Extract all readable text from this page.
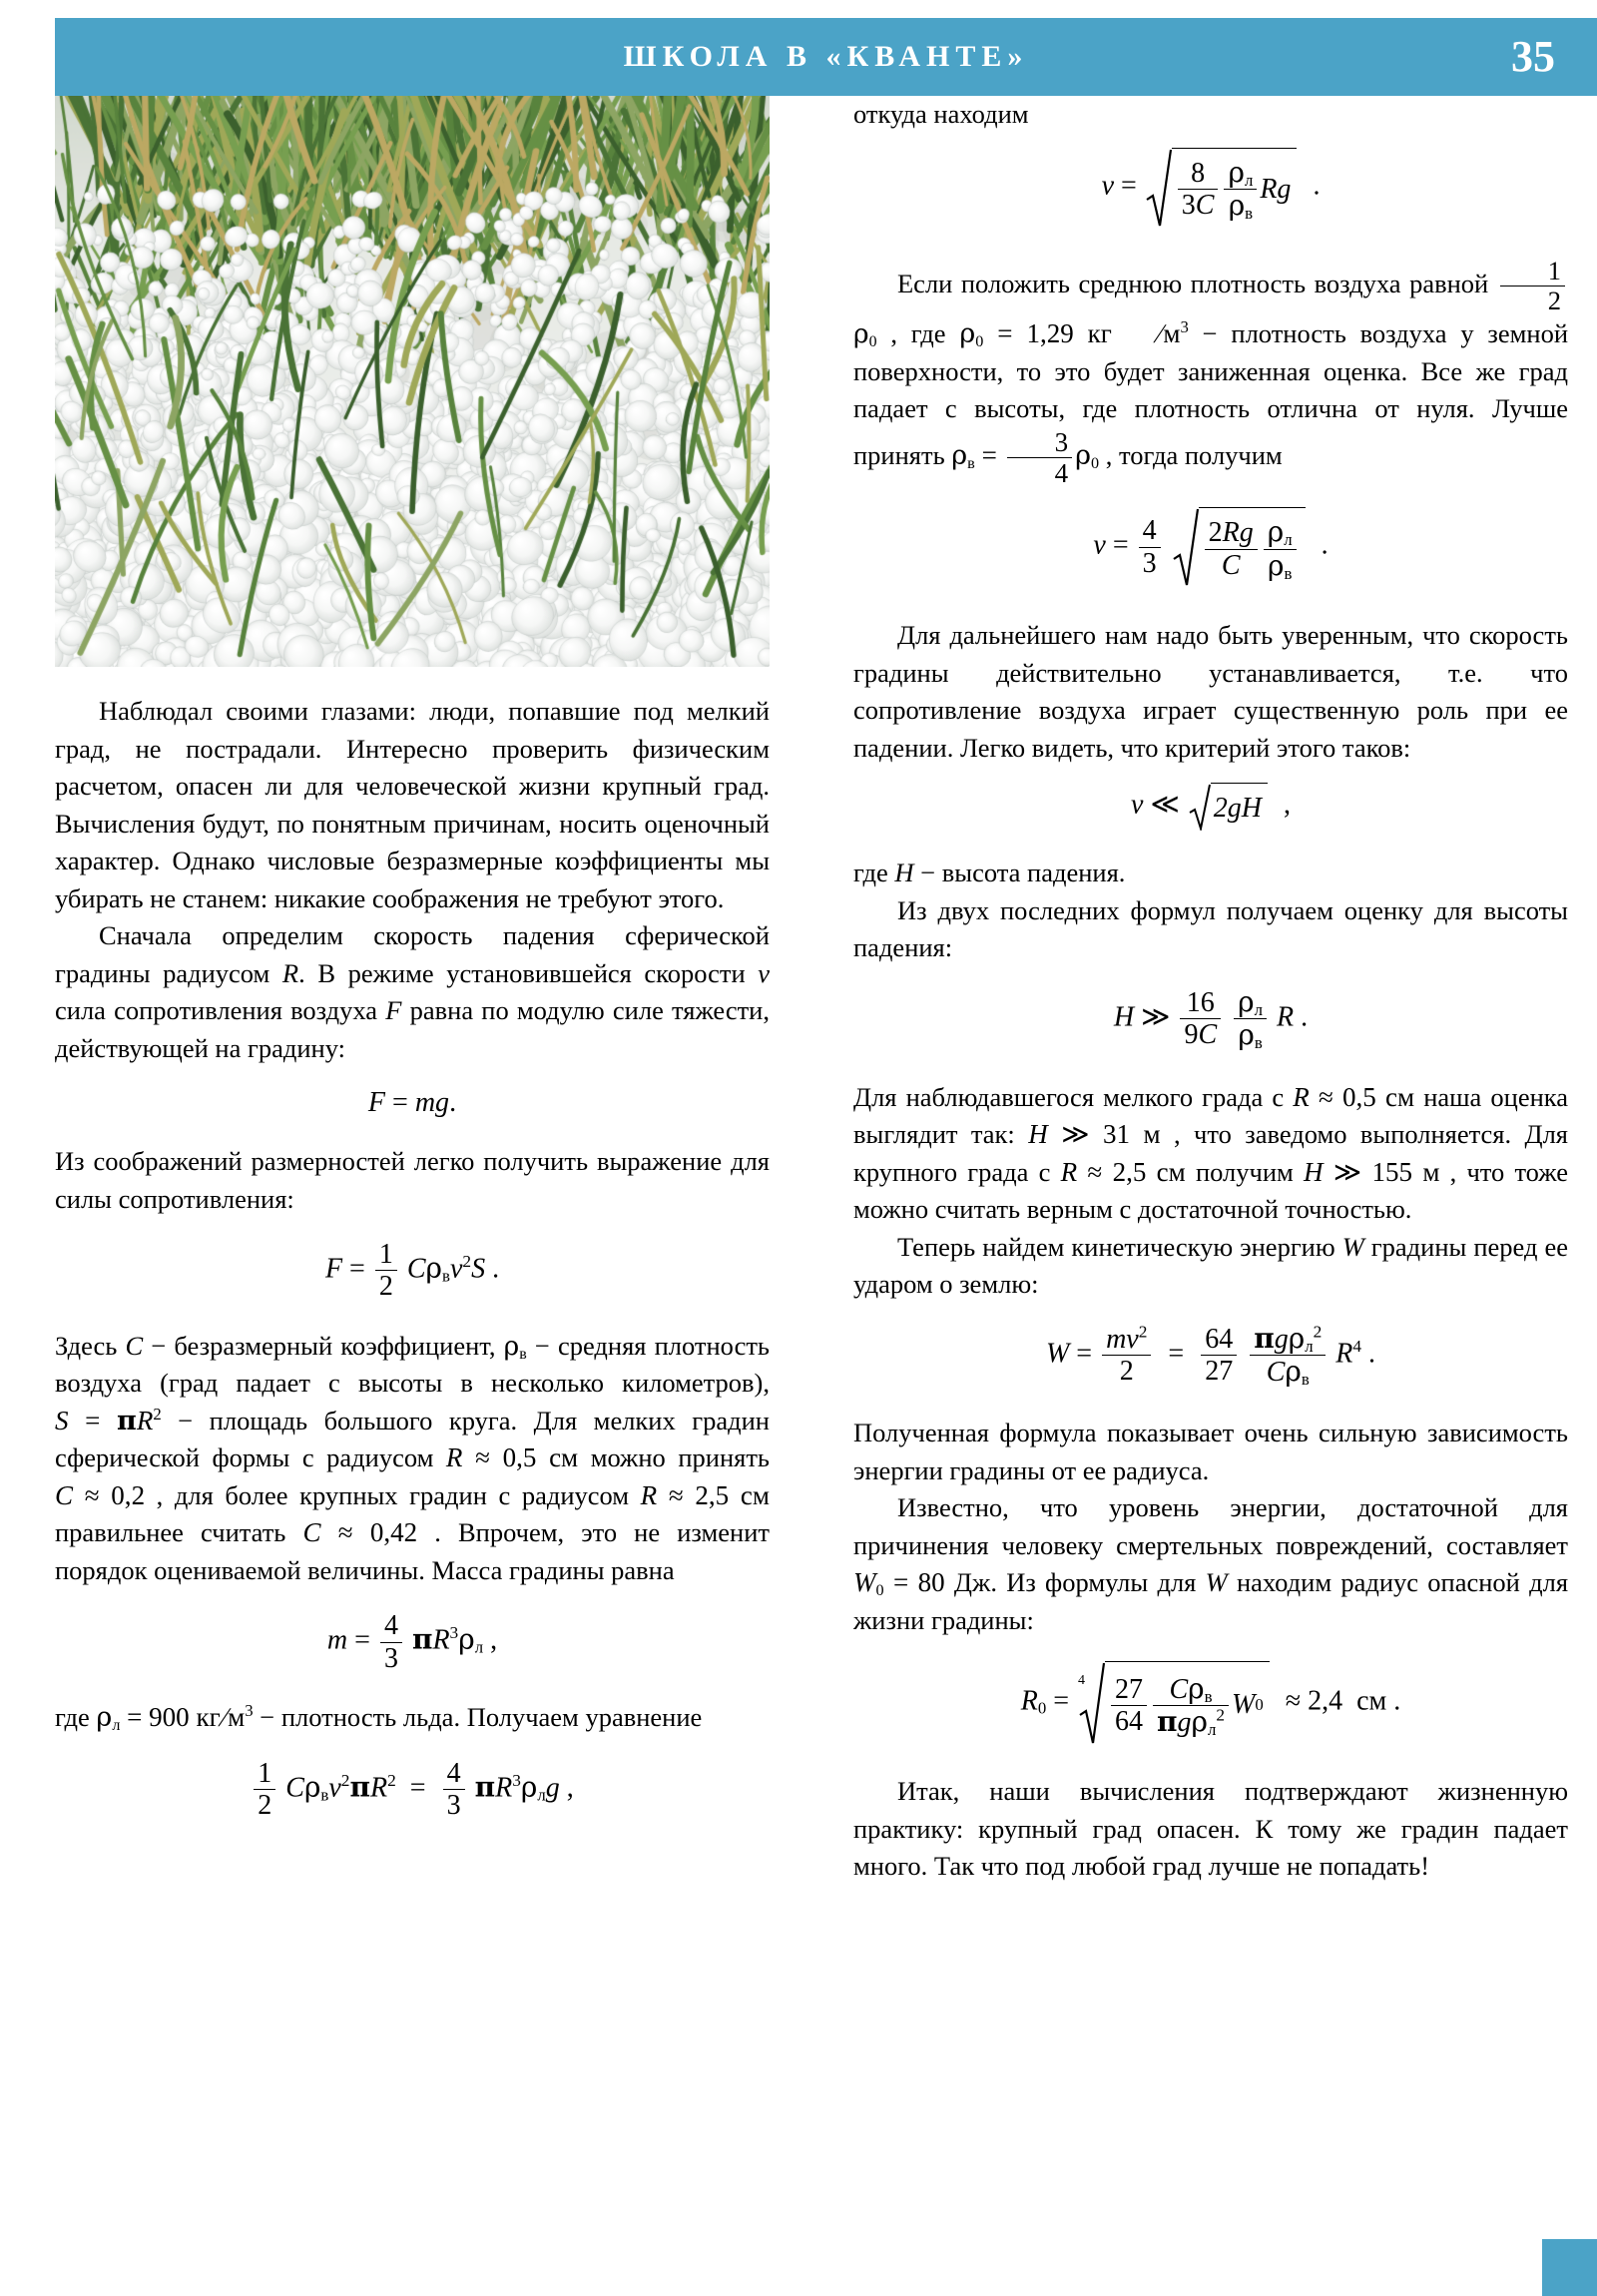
ШКОЛА В «КВАНТЕ»	35

Наблюдал своими глазами: люди, попавшие под мелкий град, не пострадали. Интересно проверить физическим расчетом, опасен ли для человеческой жизни крупный град. Вычисления будут, по понятным причинам, носить оценочный характер. Однако числовые безразмерные коэффициенты мы убирать не станем: никакие соображения не требуют этого.

Сначала определим скорость падения сферической градины радиусом R. В режиме установившейся скорости v сила сопротивления воздуха F равна по модулю силе тяжести, действующей на градину:

F = mg.

Из соображений размерностей легко получить выражение для силы сопротивления:

$F = \frac{1}{2} C\rho_вv^2S$ .

Здесь C − безразмерный коэффициент, $\rho_в$ − средняя плотность воздуха (град падает с высоты в несколько километров), $S = \pi R^2$ − площадь большого круга. Для мелких градин сферической формы с радиусом R ≈ 0,5 см можно принять C ≈ 0,2 , для более крупных градин с радиусом R ≈ 2,5 см правильнее считать C ≈ 0,42 . Впрочем, это не изменит порядок оцениваемой величины. Масса градины равна

$m = \frac{4}{3} \pi R^3\rho_л$ ,

где $\rho_л = 900$ $кг/м^3$ − плотность льда. Получаем уравнение

$\frac{1}{2} C\rho_вv^2\pi R^2 = \frac{4}{3} \pi R^3\rho_лg$ ,

откуда находим

$v = \frac{8}{3C} \frac{\rho_л}{\rho_в}$ Rg .

Если положить среднюю плотность воздуха равной $\frac{1}{2}$
$\rho_0$ , где $\rho_0 = 1,29$ кг $/м^3$ − плотность воздуха у земной поверхности, то это будет заниженная оценка. Все же град падает с высоты, где плотность отлична от нуля. Лучше принять $\rho_в = \frac{3}{4} \rho_0$ , тогда получим

$v = \frac{4}{3}$
$\frac{2Rg}{C} \frac{\rho_л}{\rho_в}$ .

Для дальнейшего нам надо быть уверенным, что скорость градины действительно устанавливается, т.е. что сопротивление воздуха играет существенную роль при ее падении. Легко видеть, что критерий этого таков:

v ≪ 2gH ,

где H − высота падения.

Из двух последних формул получаем оценку для высоты падения:

H ≫ $\frac{16}{9C}$
$\frac{\rho_л}{\rho_в}$ R .

Для наблюдавшегося мелкого града с R ≈ 0,5 см наша оценка выглядит так: H ≫ 31 м , что заведомо выполняется. Для крупного града с R ≈ 2,5 см получим H ≫ 155 м , что тоже можно считать верным с достаточной точностью.

Теперь найдем кинетическую энергию W градины перед ее ударом о землю:

$W = \frac{mv^2}{2} = \frac{64}{27}$
$\frac{\pi g\rho_л^2}{C\rho_в} R^4$ .

Полученная формула показывает очень сильную зависимость энергии градины от ее радиуса.

Известно, что уровень энергии, достаточной для причинения человеку смертельных повреждений, составляет $W_0 = 80$ Дж. Из формулы для W находим радиус опасной для жизни градины:

$R_0$ =
$4 \frac{27}{64} \frac{C\rho_в}{\pi g\rho_л^2}$ W 0 ≈ 2,4  см .

Итак, наши вычисления подтверждают жизненную практику: крупный град опасен. К тому же градин падает много. Так что под любой град лучше не попадать!
